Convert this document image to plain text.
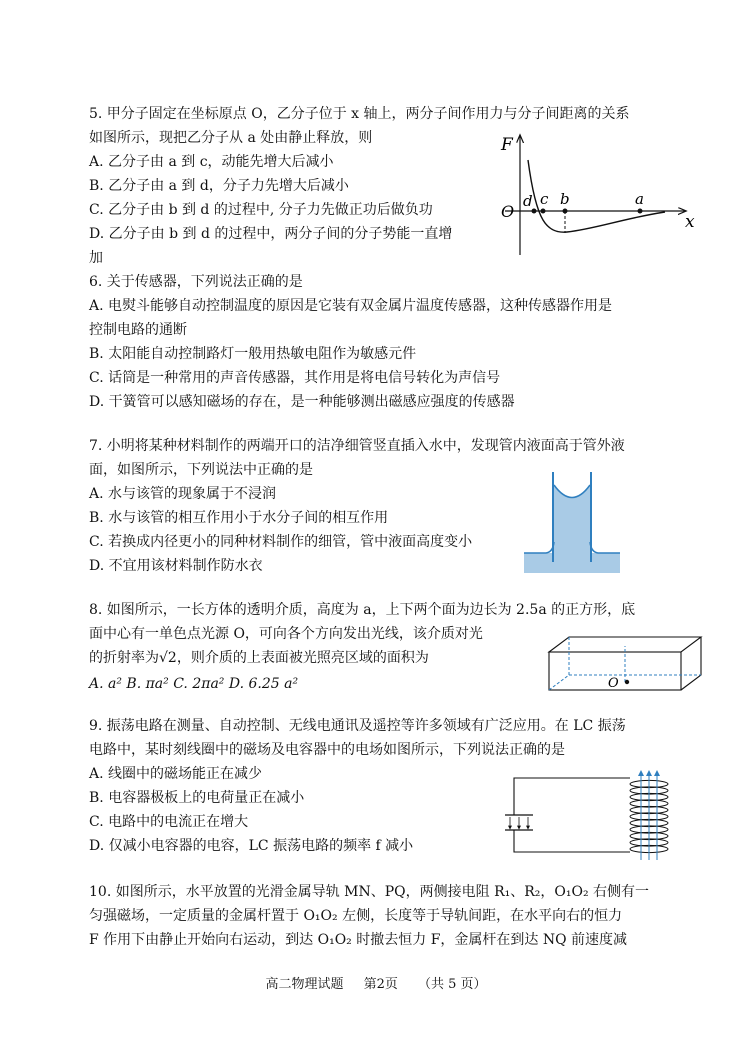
5. 甲分子固定在坐标原点 O，乙分子位于 x 轴上，两分子间作用力与分子间距离的关系
如图所示，现把乙分子从 a 处由静止释放，则
A. 乙分子由 a 到 c，动能先增大后减小
B. 乙分子由 a 到 d，分子力先增大后减小
C. 乙分子由 b 到 d 的过程中, 分子力先做正功后做负功
D. 乙分子由 b 到 d 的过程中，两分子间的分子势能一直增
加
F
x
O
d c b	a
6. 关于传感器，下列说法正确的是
A. 电熨斗能够自动控制温度的原因是它装有双金属片温度传感器，这种传感器作用是
控制电路的通断
B. 太阳能自动控制路灯一般用热敏电阻作为敏感元件
C. 话筒是一种常用的声音传感器，其作用是将电信号转化为声信号
D. 干簧管可以感知磁场的存在，是一种能够测出磁感应强度的传感器
7. 小明将某种材料制作的两端开口的洁净细管竖直插入水中，发现管内液面高于管外液
面，如图所示，下列说法中正确的是
A. 水与该管的现象属于不浸润
B. 水与该管的相互作用小于水分子间的相互作用
C. 若换成内径更小的同种材料制作的细管，管中液面高度变小
D. 不宜用该材料制作防水衣
8. 如图所示，一长方体的透明介质，高度为 a，上下两个面为边长为 2.5a 的正方形，底
面中心有一单色点光源 O，可向各个方向发出光线，该介质对光
的折射率为√2，则介质的上表面被光照亮区域的面积为
A. a² B. πa² C. 2πa² D. 6.25 a²	O
9. 振荡电路在测量、自动控制、无线电通讯及遥控等许多领域有广泛应用。在 LC 振荡
电路中，某时刻线圈中的磁场及电容器中的电场如图所示，下列说法正确的是
A. 线圈中的磁场能正在减少
B. 电容器极板上的电荷量正在减小
C. 电路中的电流正在增大
D. 仅减小电容器的电容，LC 振荡电路的频率 f 减小
10. 如图所示，水平放置的光滑金属导轨 MN、PQ，两侧接电阻 R₁、R₂，O₁O₂ 右侧有一
匀强磁场，一定质量的金属杆置于 O₁O₂ 左侧，长度等于导轨间距，在水平向右的恒力
F 作用下由静止开始向右运动，到达 O₁O₂ 时撤去恒力 F，金属杆在到达 NQ 前速度减
高二物理试题 第2页 （共 5 页）
